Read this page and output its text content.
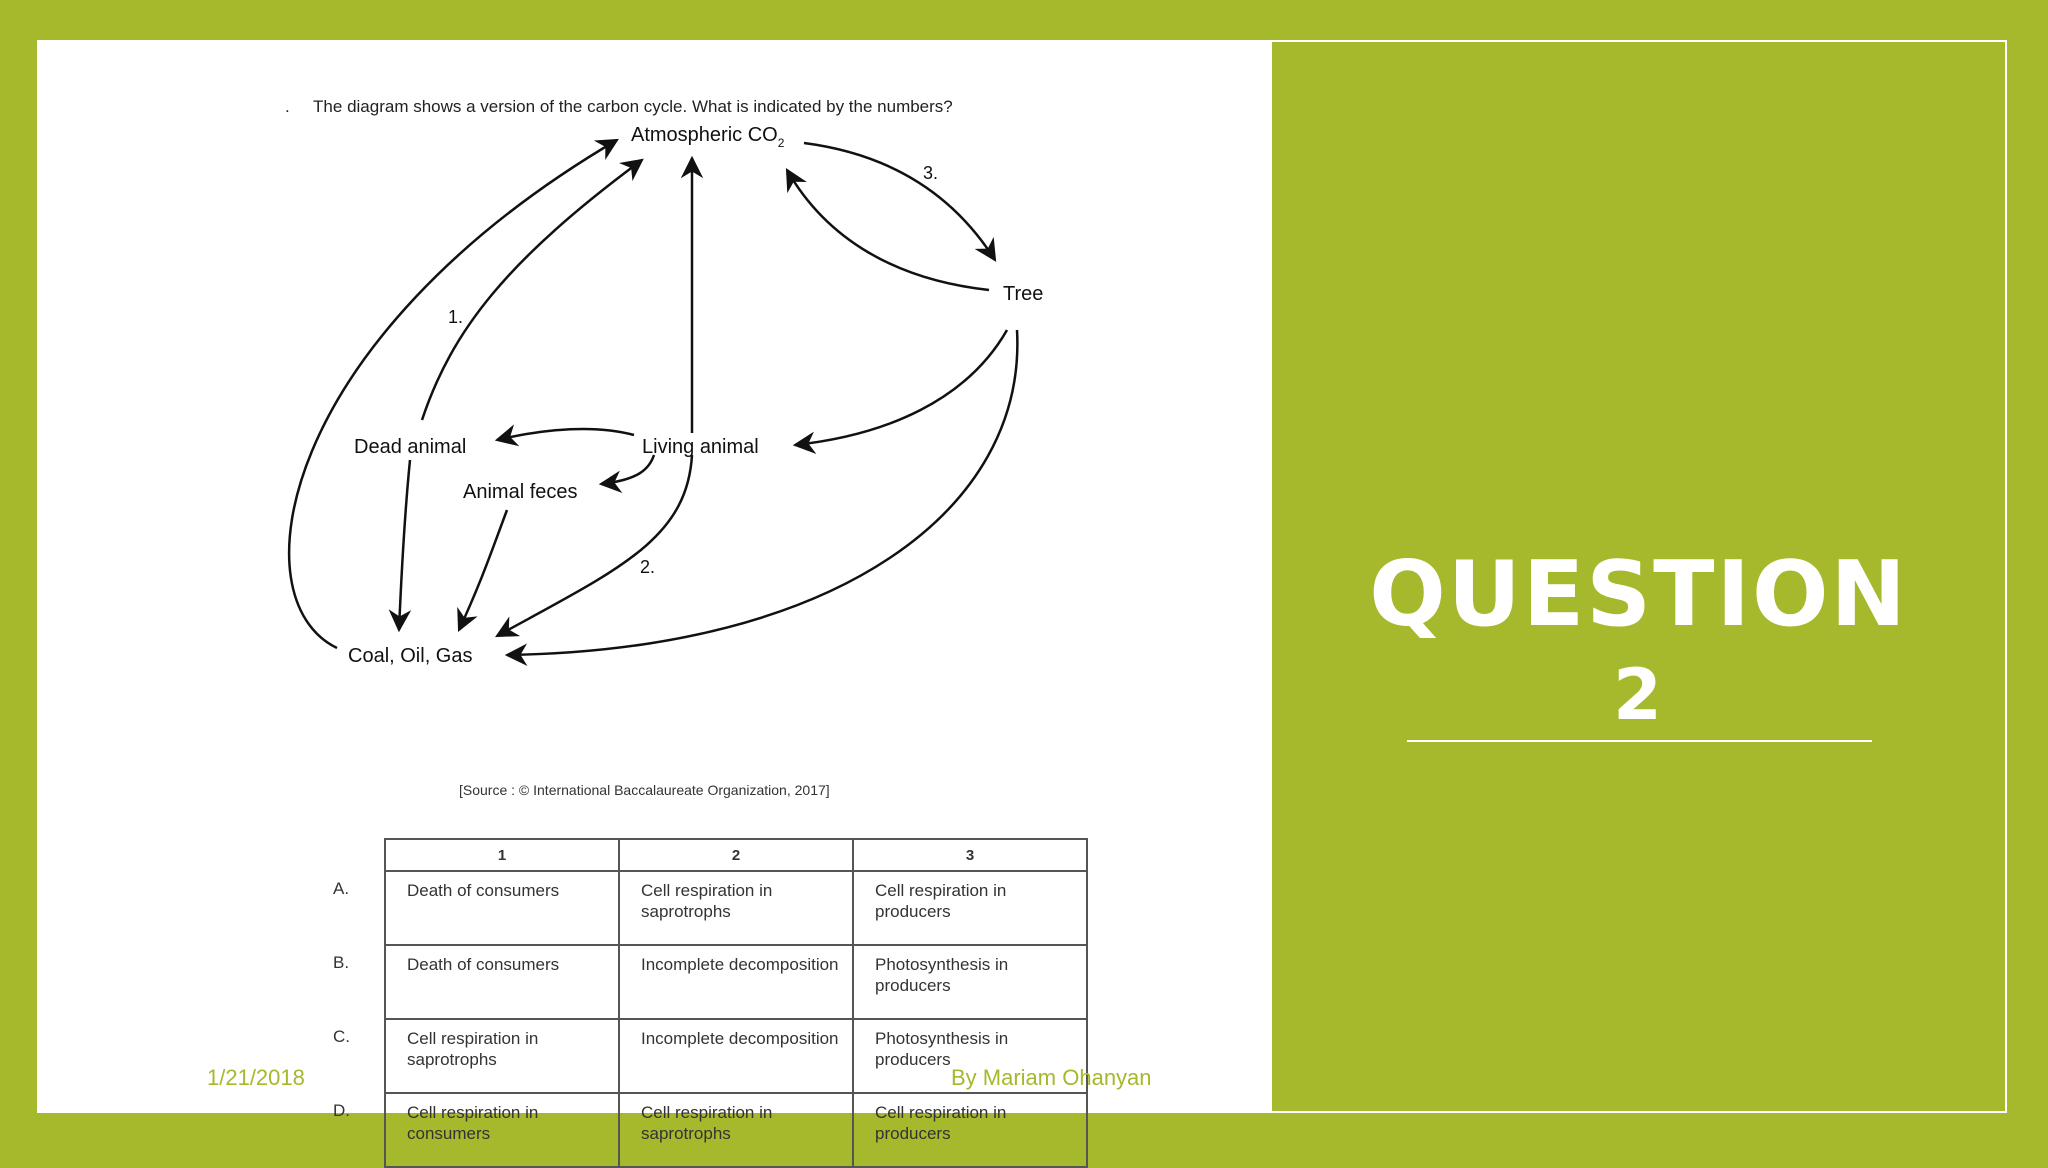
. The diagram shows a version of the carbon cycle. What is indicated by the numbers?
Atmospheric $CO_2$
Tree
Living animal
Dead animal
Animal feces
Coal, Oil, Gas
1.
2.
3.
[Source : © International Baccalaureate Organization, 2017]
	1	2	3
A.	Death of consumers	Cell respiration in saprotrophs	Cell respiration in producers
B.	Death of consumers	Incomplete decomposition	Photosynthesis in producers
C.	Cell respiration in saprotrophs	Incomplete decomposition	Photosynthesis in producers
D.	Cell respiration in consumers	Cell respiration in saprotrophs	Cell respiration in producers
QUESTION
2
1/21/2018	By Mariam Ohanyan
